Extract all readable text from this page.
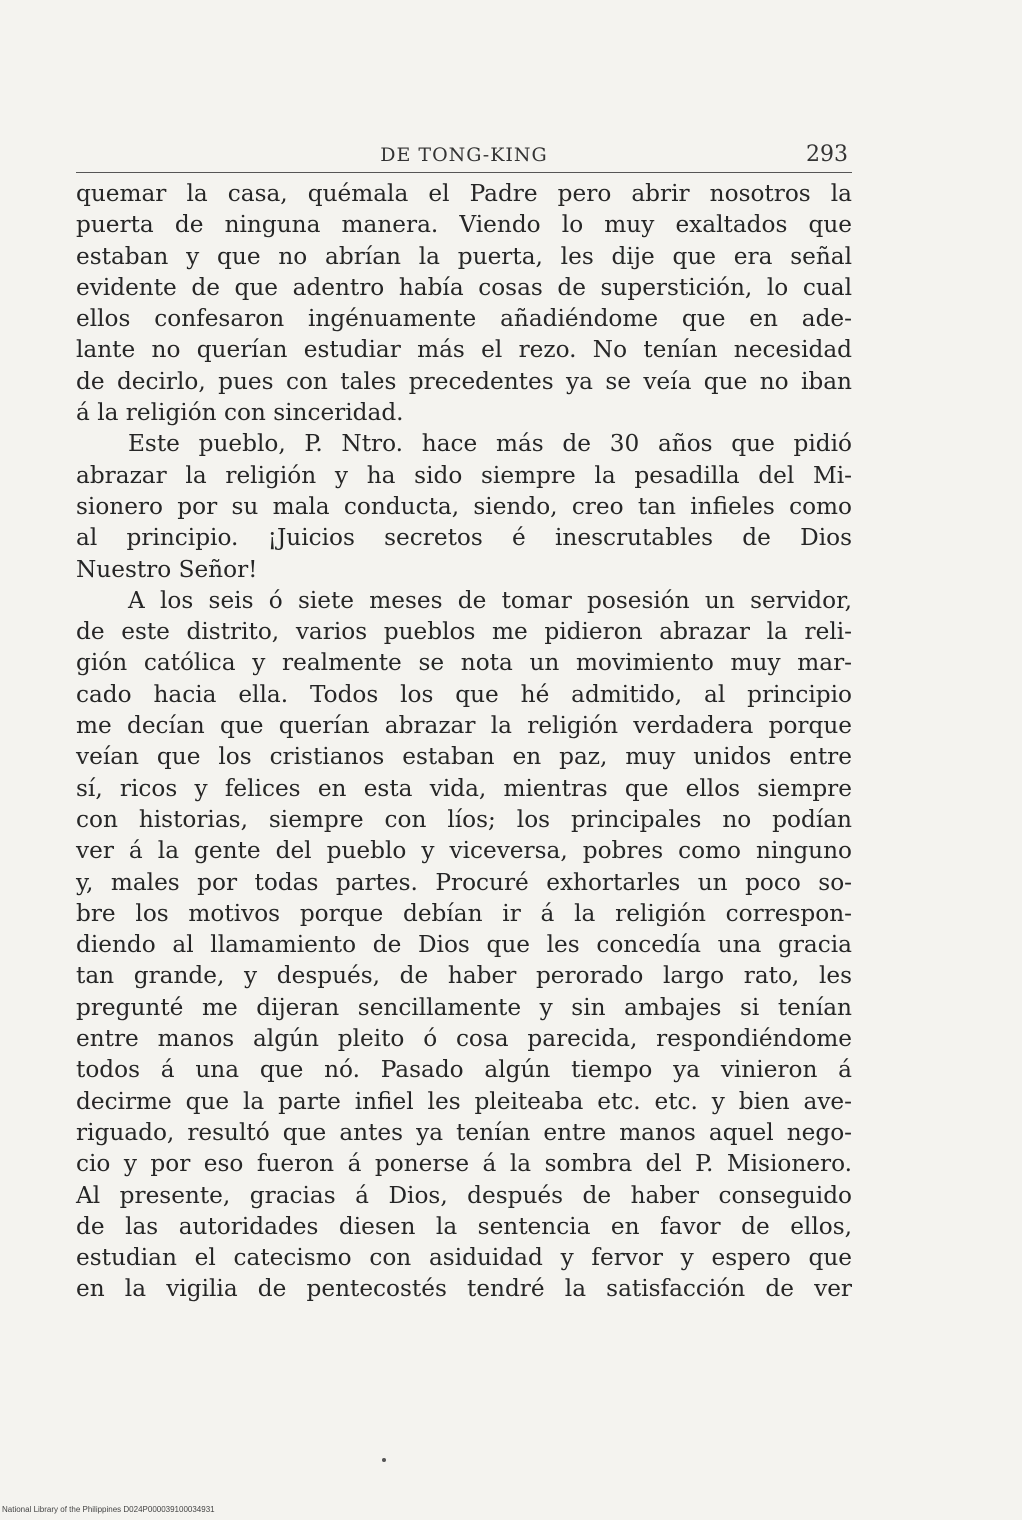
DE TONG-KING	293
quemar la casa, quémala el Padre pero abrir nosotros la
puerta de ninguna manera. Viendo lo muy exaltados que
estaban y que no abrían la puerta, les dije que era señal
evidente de que adentro había cosas de superstición, lo cual
ellos confesaron ingénuamente añadiéndome que en ade-
lante no querían estudiar más el rezo. No tenían necesidad
de decirlo, pues con tales precedentes ya se veía que no iban
á la religión con sinceridad.
Este pueblo, P. Ntro. hace más de 30 años que pidió
abrazar la religión y ha sido siempre la pesadilla del Mi-
sionero por su mala conducta, siendo, creo tan infieles como
al principio. ¡Juicios secretos é inescrutables de Dios
Nuestro Señor!
A los seis ó siete meses de tomar posesión un servidor,
de este distrito, varios pueblos me pidieron abrazar la reli-
gión católica y realmente se nota un movimiento muy mar-
cado hacia ella. Todos los que hé admitido, al principio
me decían que querían abrazar la religión verdadera porque
veían que los cristianos estaban en paz, muy unidos entre
sí, ricos y felices en esta vida, mientras que ellos siempre
con historias, siempre con líos; los principales no podían
ver á la gente del pueblo y viceversa, pobres como ninguno
y, males por todas partes. Procuré exhortarles un poco so-
bre los motivos porque debían ir á la religión correspon-
diendo al llamamiento de Dios que les concedía una gracia
tan grande, y después, de haber perorado largo rato, les
pregunté me dijeran sencillamente y sin ambajes si tenían
entre manos algún pleito ó cosa parecida, respondiéndome
todos á una que nó. Pasado algún tiempo ya vinieron á
decirme que la parte infiel les pleiteaba etc. etc. y bien ave-
riguado, resultó que antes ya tenían entre manos aquel nego-
cio y por eso fueron á ponerse á la sombra del P. Misionero.
Al presente, gracias á Dios, después de haber conseguido
de las autoridades diesen la sentencia en favor de ellos,
estudian el catecismo con asiduidad y fervor y espero que
en la vigilia de pentecostés tendré la satisfacción de ver
National Library of the Philippines D024P000039100034931
